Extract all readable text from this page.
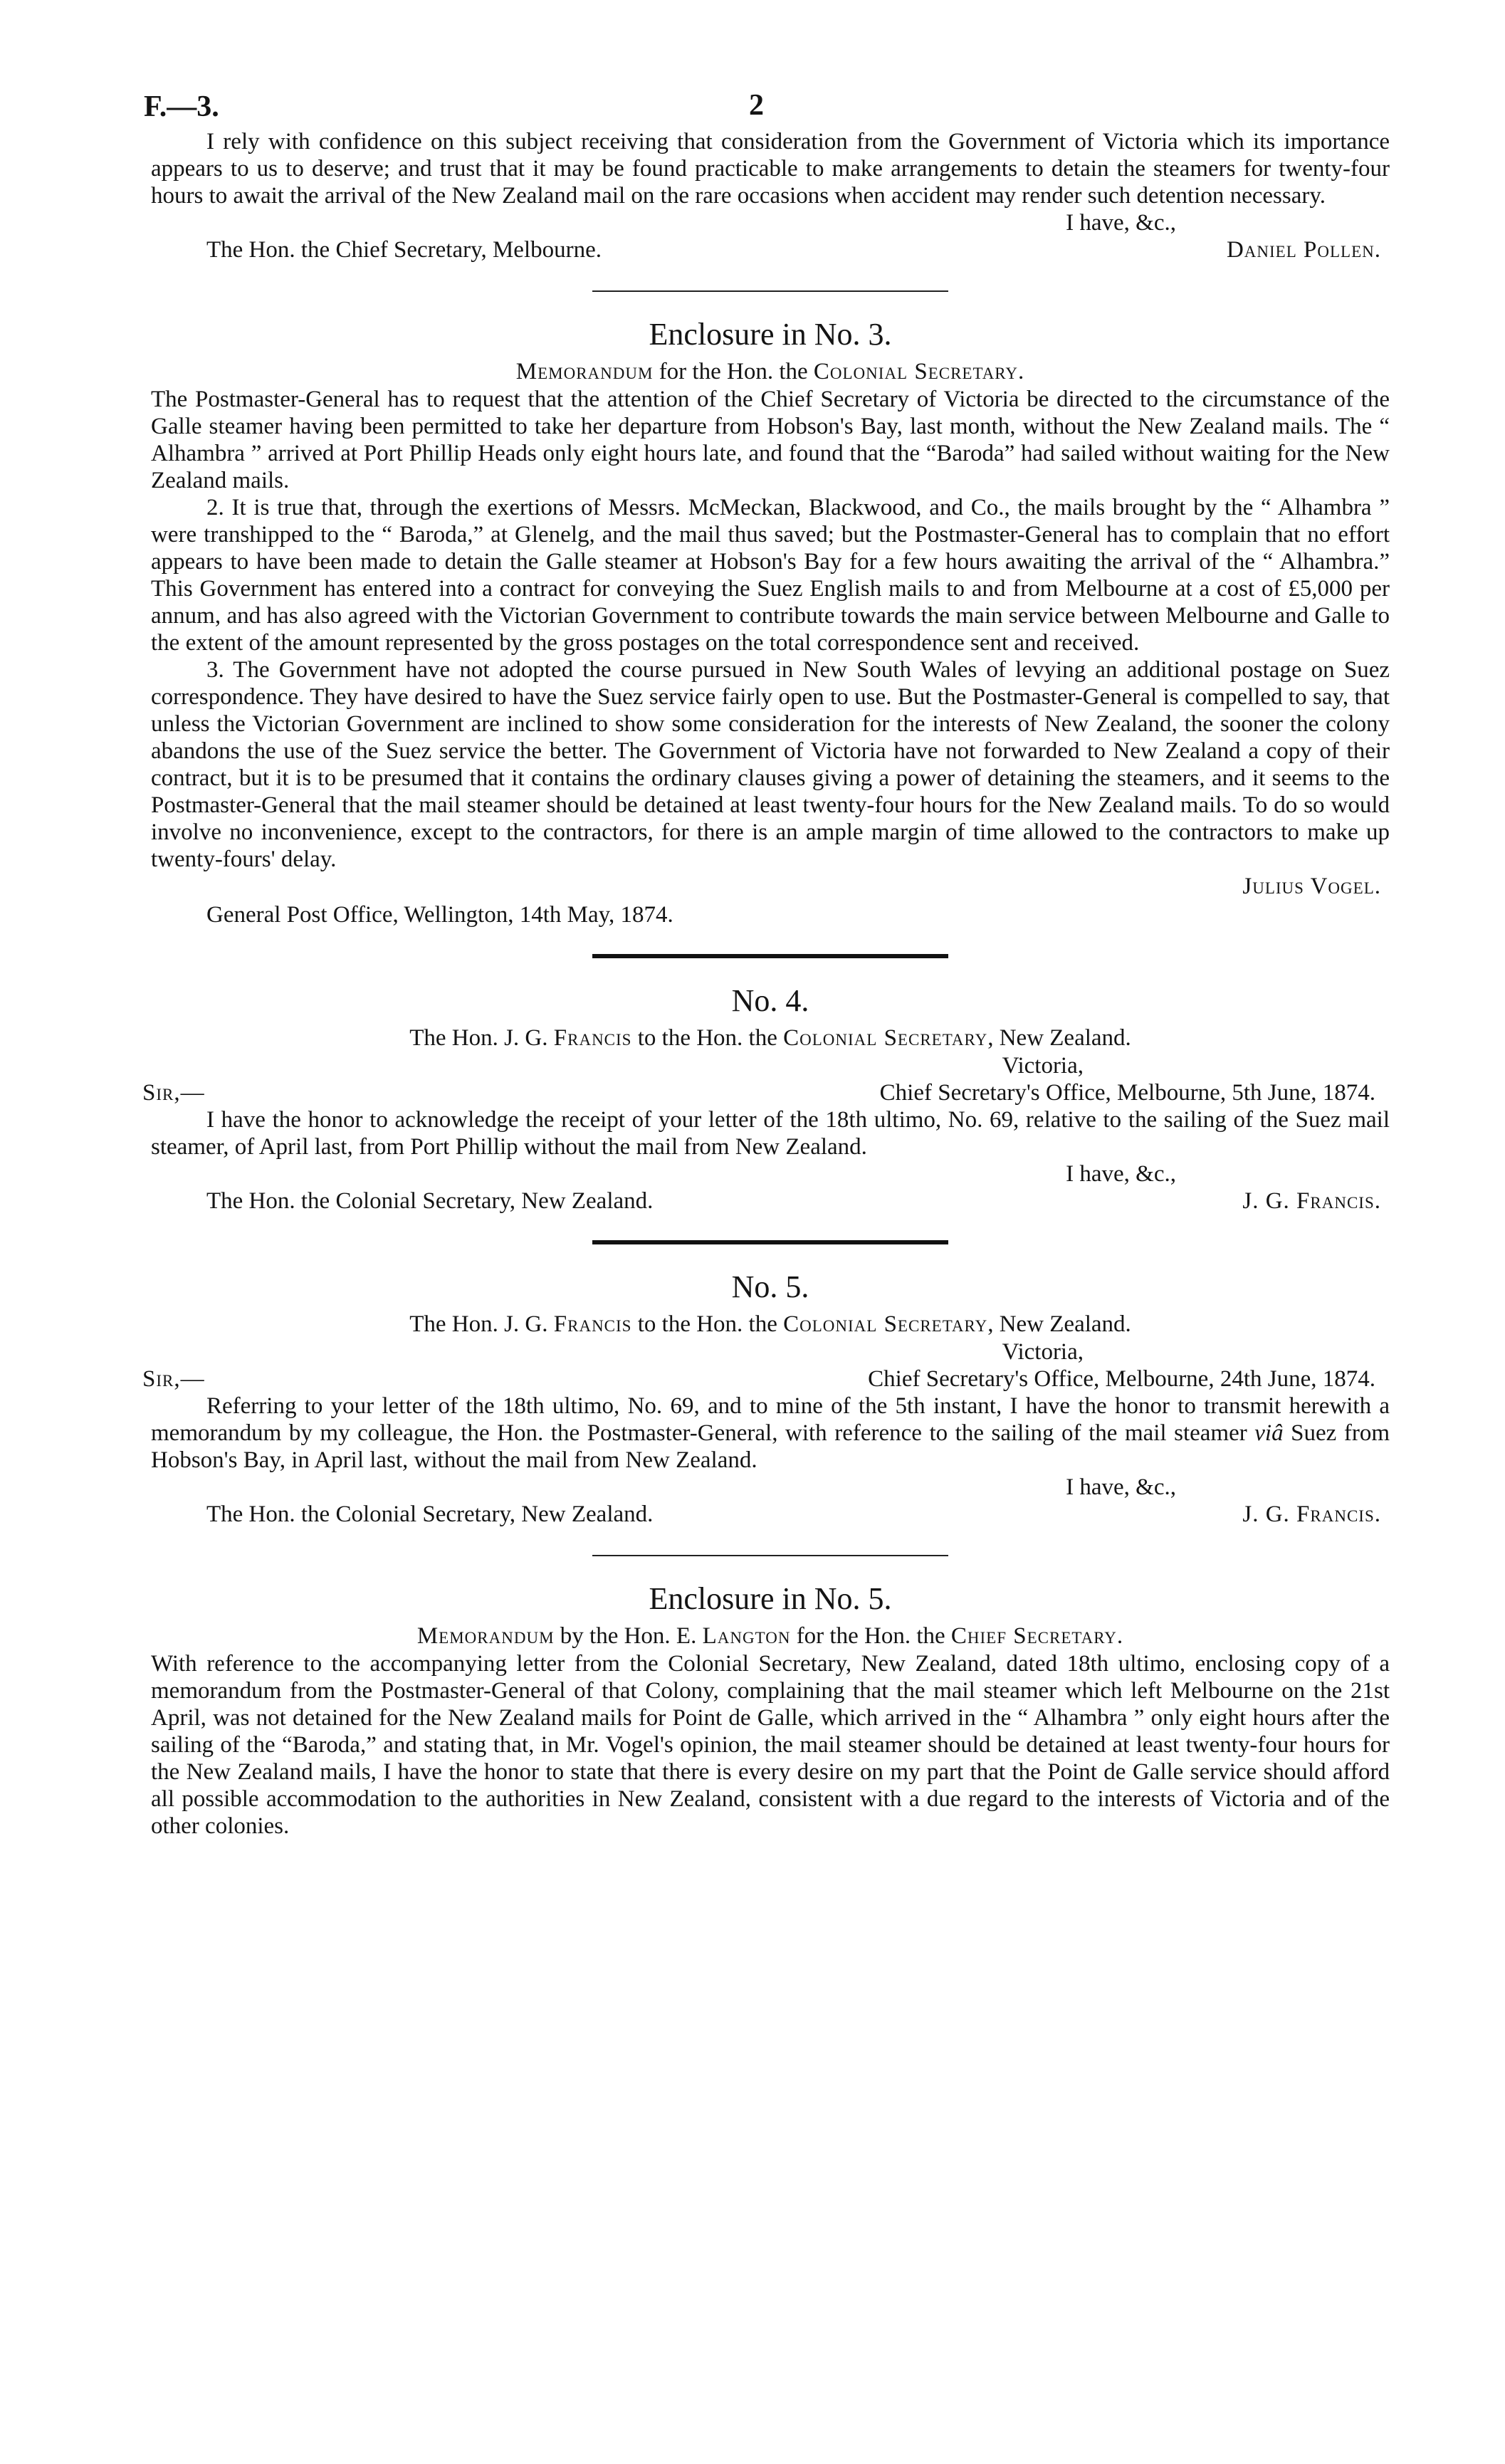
F.—3.	2

I rely with confidence on this subject receiving that consideration from the Government of Victoria which its importance appears to us to deserve; and trust that it may be found practicable to make arrangements to detain the steamers for twenty-four hours to await the arrival of the New Zealand mail on the rare occasions when accident may render such detention necessary.

I have, &c.,
The Hon. the Chief Secretary, Melbourne.	Daniel Pollen.
Enclosure in No. 3.
Memorandum for the Hon. the Colonial Secretary.

The Postmaster-General has to request that the attention of the Chief Secretary of Victoria be directed to the circumstance of the Galle steamer having been permitted to take her departure from Hobson's Bay, last month, without the New Zealand mails. The “ Alhambra ” arrived at Port Phillip Heads only eight hours late, and found that the “Baroda” had sailed without waiting for the New Zealand mails.

2. It is true that, through the exertions of Messrs. McMeckan, Blackwood, and Co., the mails brought by the “ Alhambra ” were transhipped to the “ Baroda,” at Glenelg, and the mail thus saved; but the Postmaster-General has to complain that no effort appears to have been made to detain the Galle steamer at Hobson's Bay for a few hours awaiting the arrival of the “ Alhambra.” This Government has entered into a contract for conveying the Suez English mails to and from Melbourne at a cost of £5,000 per annum, and has also agreed with the Victorian Government to contribute towards the main service between Melbourne and Galle to the extent of the amount represented by the gross postages on the total correspondence sent and received.

3. The Government have not adopted the course pursued in New South Wales of levying an additional postage on Suez correspondence. They have desired to have the Suez service fairly open to use. But the Postmaster-General is compelled to say, that unless the Victorian Government are inclined to show some consideration for the interests of New Zealand, the sooner the colony abandons the use of the Suez service the better. The Government of Victoria have not forwarded to New Zealand a copy of their contract, but it is to be presumed that it contains the ordinary clauses giving a power of detaining the steamers, and it seems to the Postmaster-General that the mail steamer should be detained at least twenty-four hours for the New Zealand mails. To do so would involve no inconvenience, except to the contractors, for there is an ample margin of time allowed to the contractors to make up twenty-fours' delay.

Julius Vogel.
General Post Office, Wellington, 14th May, 1874.
No. 4.
The Hon. J. G. Francis to the Hon. the Colonial Secretary, New Zealand.
Victoria,
Sir,—	Chief Secretary's Office, Melbourne, 5th June, 1874.

I have the honor to acknowledge the receipt of your letter of the 18th ultimo, No. 69, relative to the sailing of the Suez mail steamer, of April last, from Port Phillip without the mail from New Zealand.

I have, &c.,
The Hon. the Colonial Secretary, New Zealand.	J. G. Francis.
No. 5.
The Hon. J. G. Francis to the Hon. the Colonial Secretary, New Zealand.
Victoria,
Sir,—	Chief Secretary's Office, Melbourne, 24th June, 1874.

Referring to your letter of the 18th ultimo, No. 69, and to mine of the 5th instant, I have the honor to transmit herewith a memorandum by my colleague, the Hon. the Postmaster-General, with reference to the sailing of the mail steamer viâ Suez from Hobson's Bay, in April last, without the mail from New Zealand.

I have, &c.,
The Hon. the Colonial Secretary, New Zealand.	J. G. Francis.
Enclosure in No. 5.
Memorandum by the Hon. E. Langton for the Hon. the Chief Secretary.

With reference to the accompanying letter from the Colonial Secretary, New Zealand, dated 18th ultimo, enclosing copy of a memorandum from the Postmaster-General of that Colony, complaining that the mail steamer which left Melbourne on the 21st April, was not detained for the New Zealand mails for Point de Galle, which arrived in the “ Alhambra ” only eight hours after the sailing of the “Baroda,” and stating that, in Mr. Vogel's opinion, the mail steamer should be detained at least twenty-four hours for the New Zealand mails, I have the honor to state that there is every desire on my part that the Point de Galle service should afford all possible accommodation to the authorities in New Zealand, consistent with a due regard to the interests of Victoria and of the other colonies.
